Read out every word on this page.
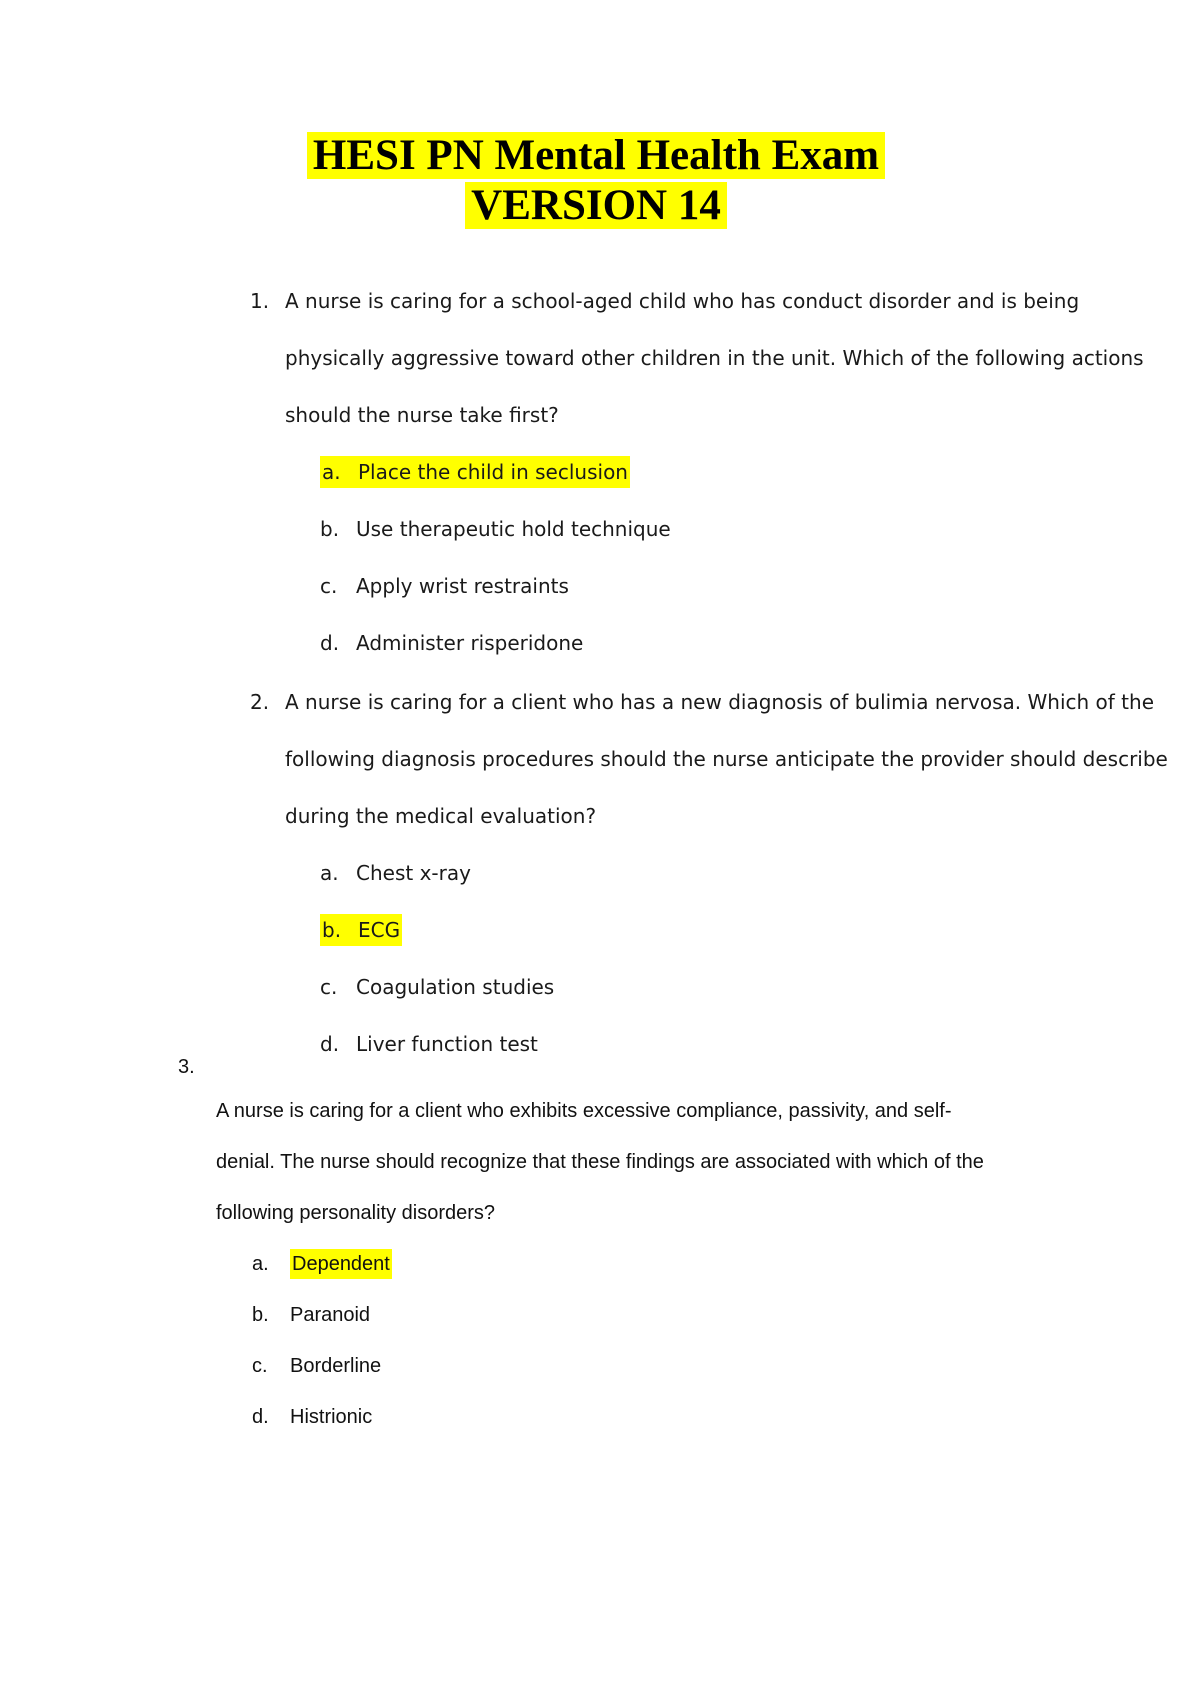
HESI PN Mental Health Exam
VERSION 14
1. A nurse is caring for a school-aged child who has conduct disorder and is being
physically aggressive toward other children in the unit. Which of the following actions
should the nurse take first?
a. Place the child in seclusion
b. Use therapeutic hold technique
c. Apply wrist restraints
d. Administer risperidone
2. A nurse is caring for a client who has a new diagnosis of bulimia nervosa. Which of the
following diagnosis procedures should the nurse anticipate the provider should describe
during the medical evaluation?
a. Chest x-ray
b. ECG
c. Coagulation studies
d. Liver function test
3.
A nurse is caring for a client who exhibits excessive compliance, passivity, and self-
denial. The nurse should recognize that these findings are associated with which of the
following personality disorders?
a. Dependent
b. Paranoid
c. Borderline
d. Histrionic
